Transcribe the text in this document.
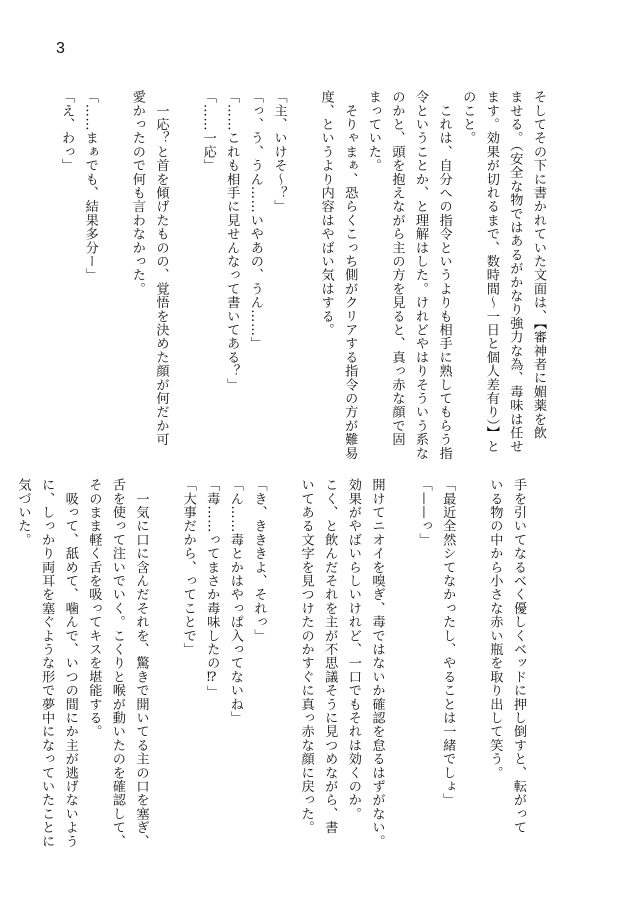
3
そしてその下に書かれていた文面は、【審神者に媚薬を飲
ませる。（安全な物ではあるがかなり強力な為、毒味は任せ
ます。効果が切れるまで、数時間〜一日と個人差有り）】と
のこと。
　これは、自分への指令というよりも相手に熟してもらう指
令ということか、と理解はした。けれどやはりそういう系な
のかと、頭を抱えながら主の方を見ると、真っ赤な顔で固
まっていた。
　そりゃまぁ、恐らくこっち側がクリアする指令の方が難易
度、というより内容はやばい気はする。

「主、いけそ〜？」
「っ、う、うん……いやあの、うん……」
「……これも相手に見せんなって書いてある？」
「……一応」

　一応？と首を傾げたものの、覚悟を決めた顔が何だか可
愛かったので何も言わなかった。

「……まぁでも、結果多分ー」
「え、わっ」
手を引いてなるべく優しくベッドに押し倒すと、転がって
いる物の中から小さな赤い瓶を取り出して笑う。

「最近全然シてなかったし、やることは一緒でしょ」
「——っ」

開けてニオイを嗅ぎ、毒ではないか確認を怠るはずがない。
効果がやばいらしいけれど、一口でもそれは効くのか。
こく、と飲んだそれを主が不思議そうに見つめながら、書
いてある文字を見つけたのかすぐに真っ赤な顔に戻った。

「き、きききよ、それっ」
「ん……毒とかはやっぱ入ってないね」
「毒……ってまさか毒味したの⁉」
「大事だから、ってことで」

　一気に口に含んだそれを、驚きで開いてる主の口を塞ぎ、
舌を使って注いでいく。こくりと喉が動いたのを確認して、
そのまま軽く舌を吸ってキスを堪能する。
　吸って、舐めて、噛んで、いつの間にか主が逃げないよう
に、しっかり両耳を塞ぐような形で夢中になっていたことに
気づいた。
